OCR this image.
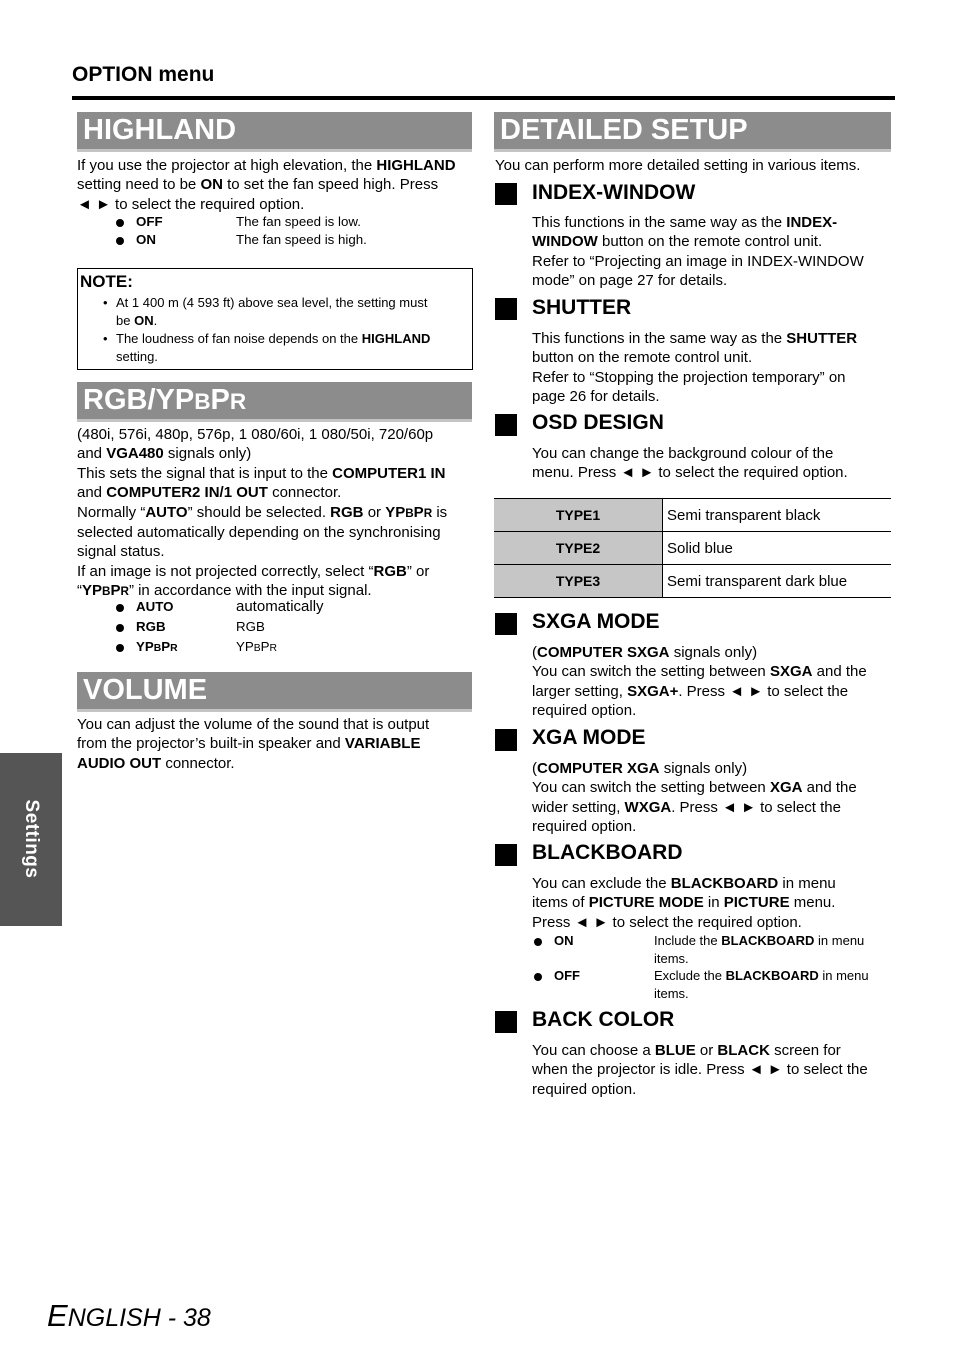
OPTION menu
HIGHLAND
If you use the projector at high elevation, the HIGHLAND
setting need to be ON to set the fan speed high. Press
◄ ► to select the required option.
OFF	The fan speed is low.
ON	The fan speed is high.
NOTE:
• At 1 400 m (4 593 ft) above sea level, the setting must
be ON.
• The loudness of fan noise depends on the HIGHLAND
setting.
RGB/YPBPR
(480i, 576i, 480p, 576p, 1 080/60i, 1 080/50i, 720/60p
and VGA480 signals only)
This sets the signal that is input to the COMPUTER1 IN
and COMPUTER2 IN/1 OUT connector.
Normally “AUTO” should be selected. RGB or YPBPR is
selected automatically depending on the synchronising
signal status.
If an image is not projected correctly, select “RGB” or
“YPBPR” in accordance with the input signal.
AUTO	automatically
RGB	RGB
YPBPR	YPBPR
VOLUME
You can adjust the volume of the sound that is output
from the projector’s built-in speaker and VARIABLE
AUDIO OUT connector.
DETAILED SETUP
You can perform more detailed setting in various items.
INDEX-WINDOW
This functions in the same way as the INDEX-
WINDOW button on the remote control unit.
Refer to “Projecting an image in INDEX-WINDOW
mode” on page 27 for details.
SHUTTER
This functions in the same way as the SHUTTER
button on the remote control unit.
Refer to “Stopping the projection temporary” on
page 26 for details.
OSD DESIGN
You can change the background colour of the
menu. Press ◄ ► to select the required option.
TYPE1	Semi transparent black
TYPE2	Solid blue
TYPE3	Semi transparent dark blue
SXGA MODE
(COMPUTER SXGA signals only)
You can switch the setting between SXGA and the
larger setting, SXGA+. Press ◄ ► to select the
required option.
XGA MODE
(COMPUTER XGA signals only)
You can switch the setting between XGA and the
wider setting, WXGA. Press ◄ ► to select the
required option.
BLACKBOARD
You can exclude the BLACKBOARD in menu
items of PICTURE MODE in PICTURE menu.
Press ◄ ► to select the required option.
ON	Include the BLACKBOARD in menu
items.
OFF	Exclude the BLACKBOARD in menu
items.
BACK COLOR
You can choose a BLUE or BLACK screen for
when the projector is idle. Press ◄ ► to select the
required option.
Settings
ENGLISH - 38
